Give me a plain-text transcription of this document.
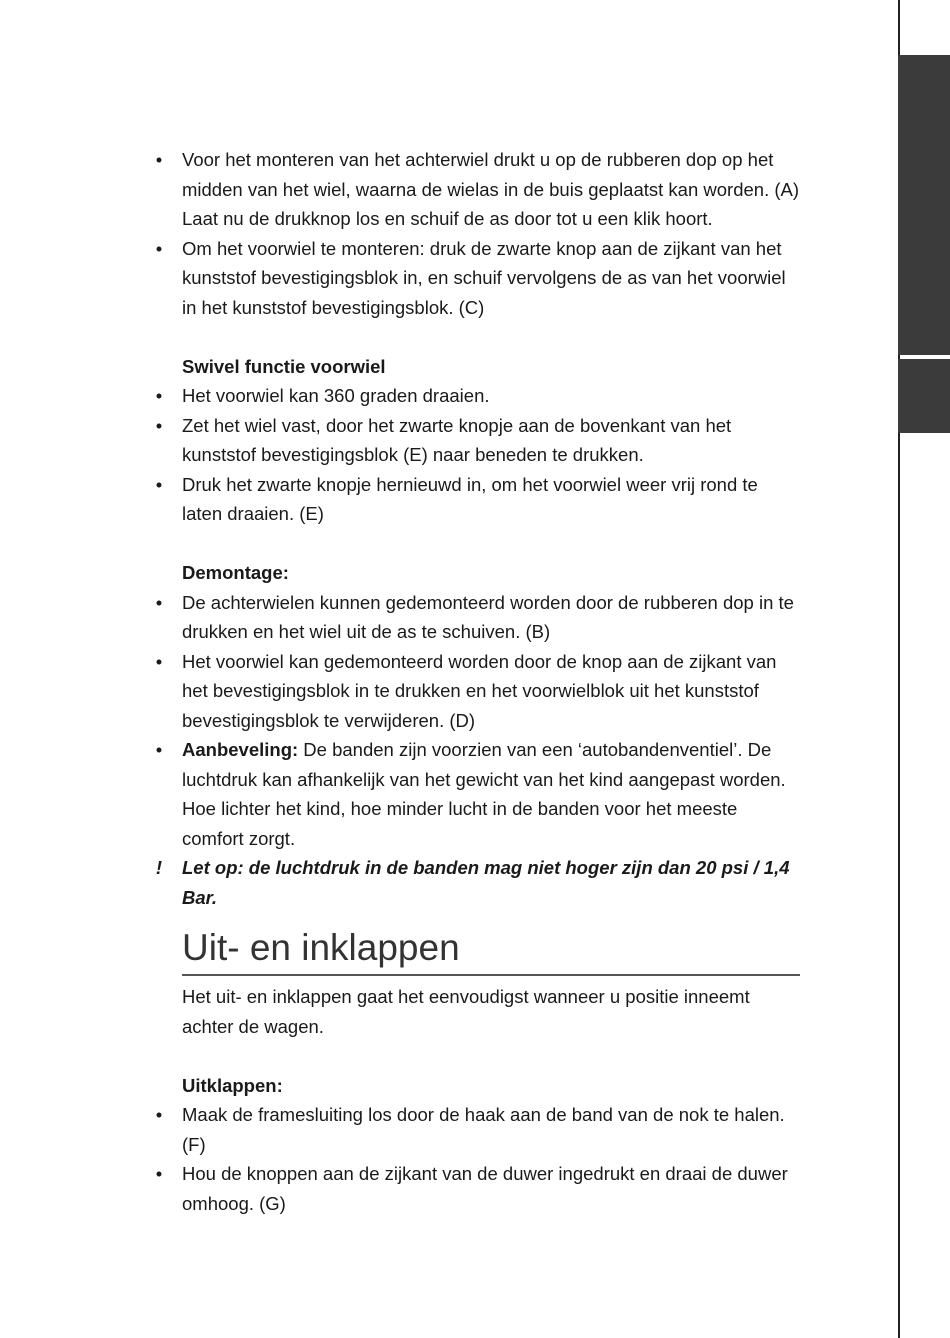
• Voor het monteren van het achterwiel drukt u op de rubberen dop op het midden van het wiel, waarna de wielas in de buis geplaatst kan worden. (A) Laat nu de drukknop los en schuif de as door tot u een klik hoort.
• Om het voorwiel te monteren: druk de zwarte knop aan de zijkant van het kunststof bevestigingsblok in, en schuif vervolgens de as van het voorwiel in het kunststof bevestigingsblok. (C)

Swivel functie voorwiel

• Het voorwiel kan 360 graden draaien.
• Zet het wiel vast, door het zwarte knopje aan de bovenkant van het kunststof bevestigingsblok (E) naar beneden te drukken.
• Druk het zwarte knopje hernieuwd in, om het voorwiel weer vrij rond te laten draaien. (E)

Demontage:

• De achterwielen kunnen gedemonteerd worden door de rubberen dop in te drukken en het wiel uit de as te schuiven. (B)
• Het voorwiel kan gedemonteerd worden door de knop aan de zijkant van het bevestigingsblok in te drukken en het voorwielblok uit het kunststof bevestigingsblok te verwijderen. (D)
• Aanbeveling: De banden zijn voorzien van een ‘autobandenventiel’. De luchtdruk kan afhankelijk van het gewicht van het kind aangepast worden. Hoe lichter het kind, hoe minder lucht in de banden voor het meeste comfort zorgt.
! Let op: de luchtdruk in de banden mag niet hoger zijn dan 20 psi / 1,4 Bar.
Uit- en inklappen

Het uit- en inklappen gaat het eenvoudigst wanneer u positie inneemt achter de wagen.

Uitklappen:

• Maak de framesluiting los door de haak aan de band van de nok te halen. (F)
• Hou de knoppen aan de zijkant van de duwer ingedrukt en draai de duwer omhoog. (G)
